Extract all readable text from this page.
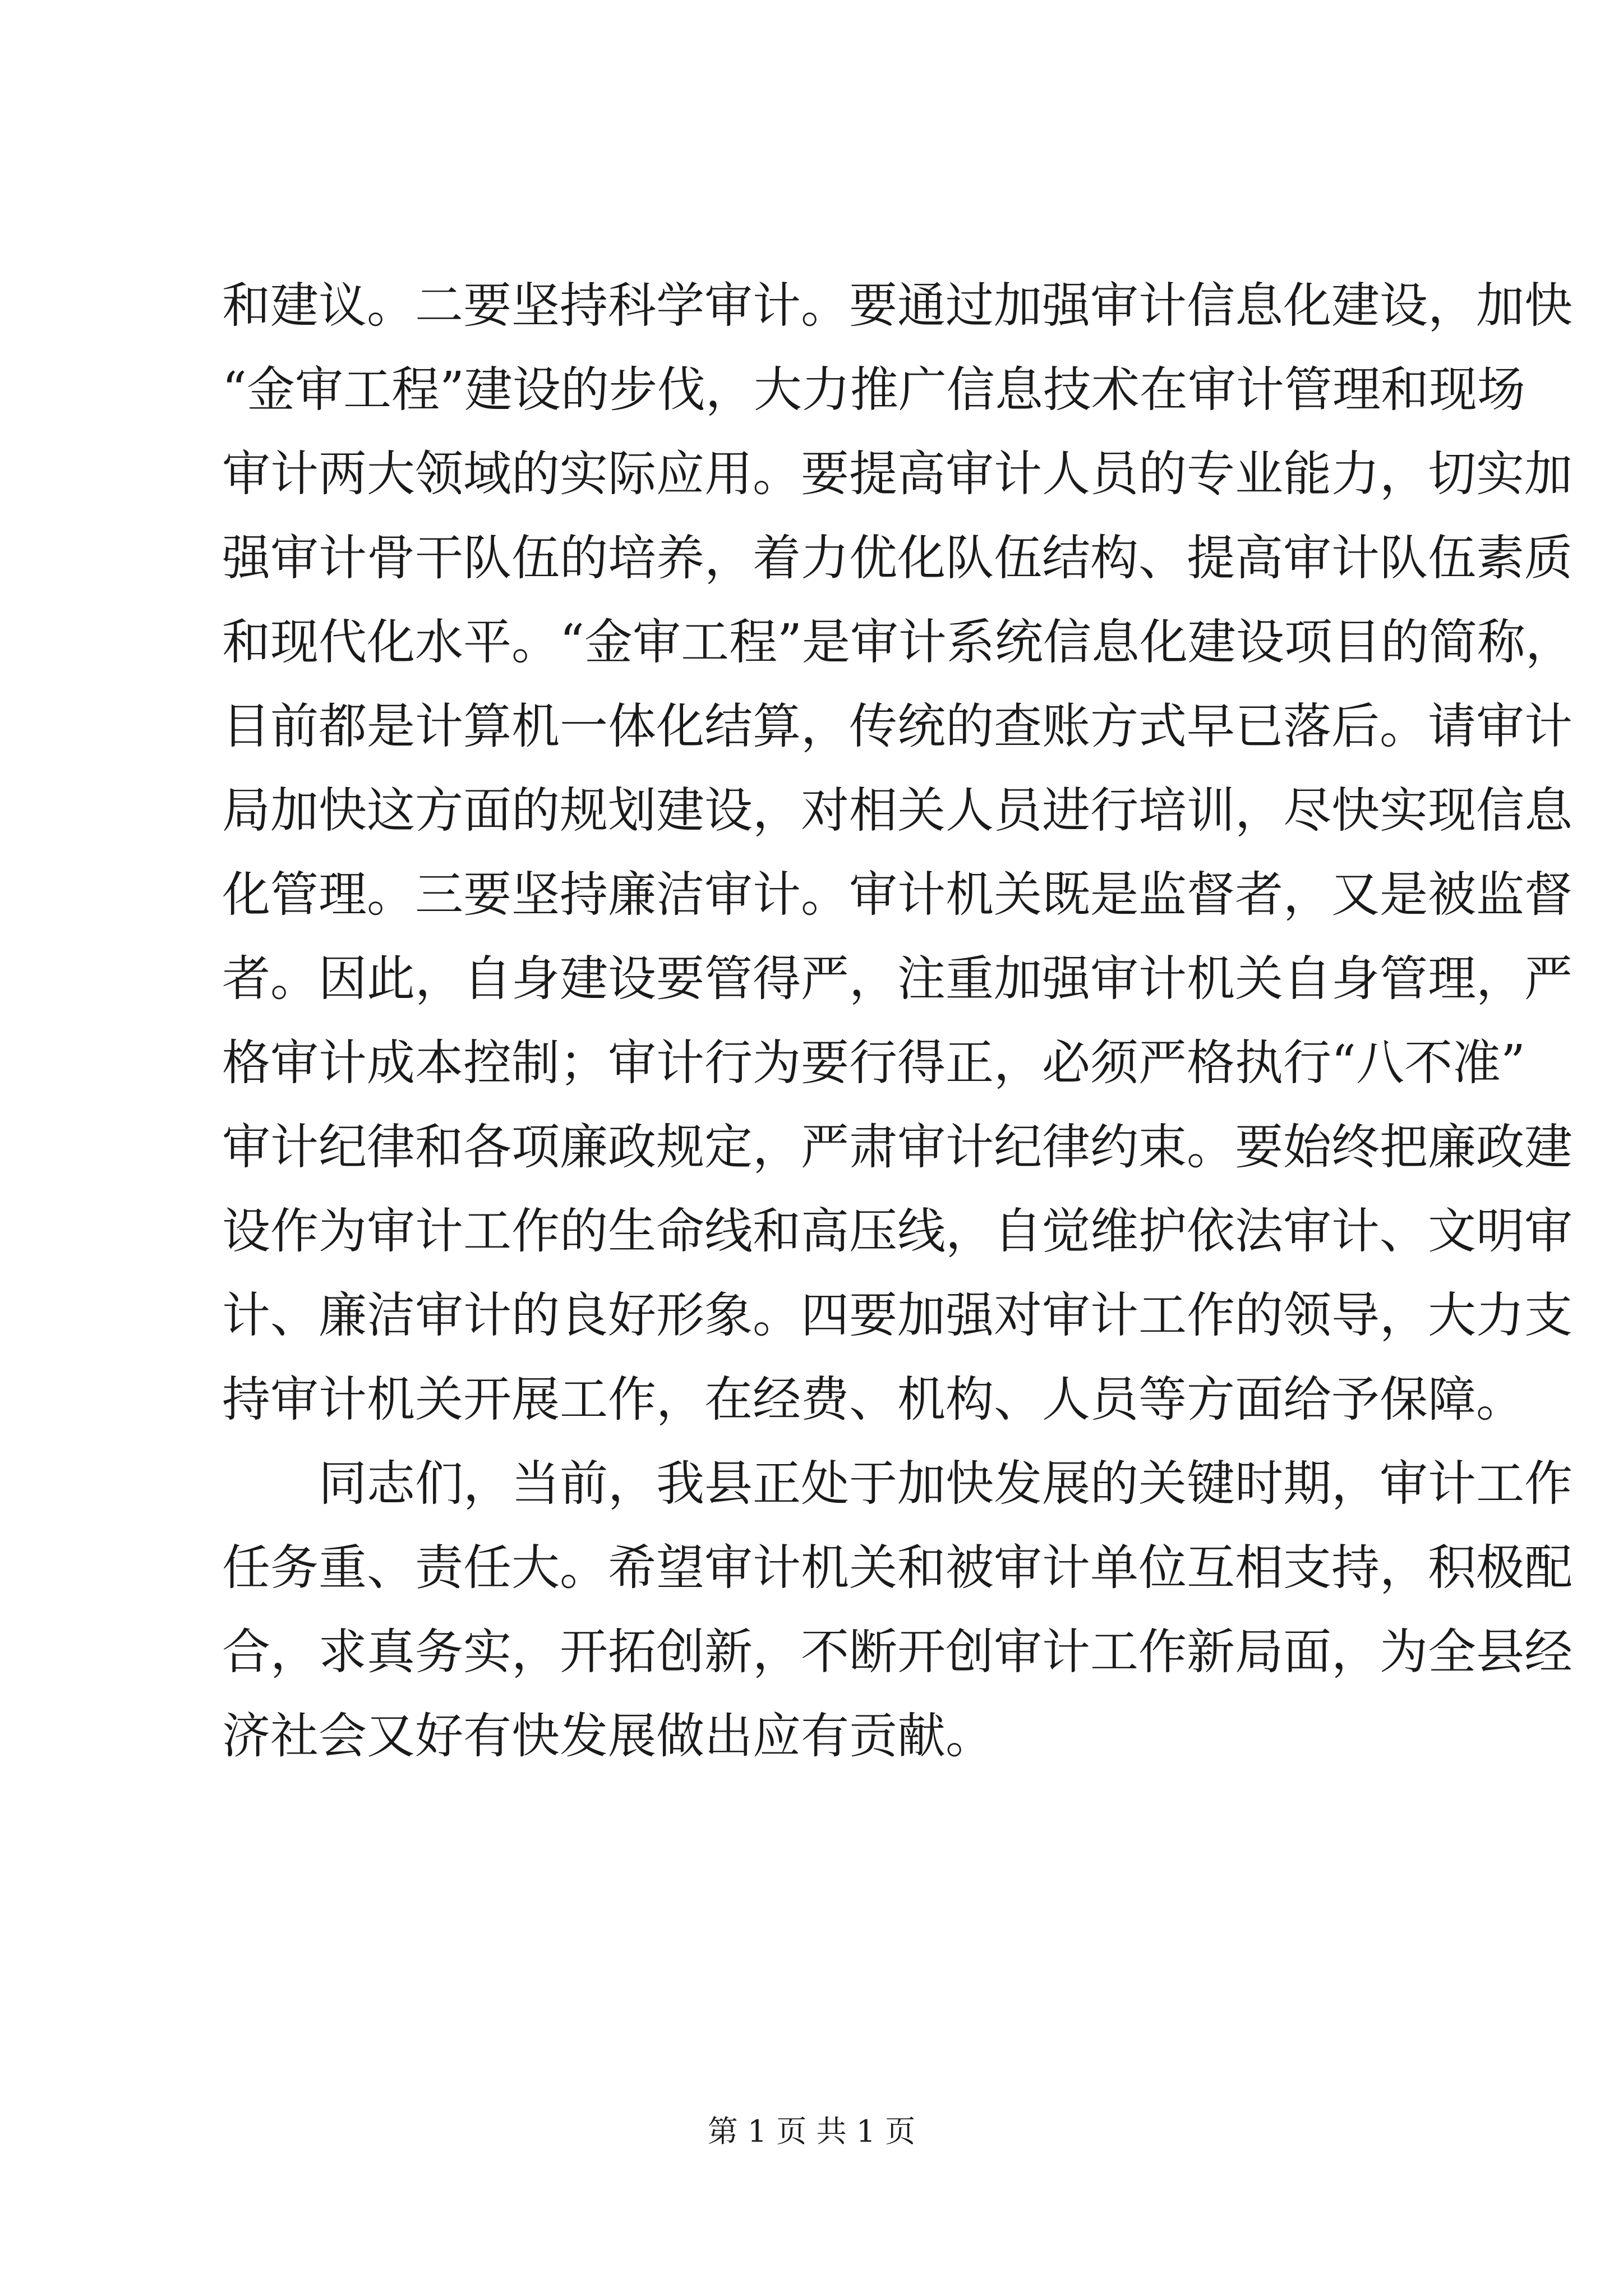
和建议。二要坚持科学审计。要通过加强审计信息化建设，加快
“金审工程”建设的步伐，大力推广信息技术在审计管理和现场
审计两大领域的实际应用。要提高审计人员的专业能力，切实加
强审计骨干队伍的培养，着力优化队伍结构、提高审计队伍素质
和现代化水平。“金审工程”是审计系统信息化建设项目的简称，
目前都是计算机一体化结算，传统的查账方式早已落后。请审计
局加快这方面的规划建设，对相关人员进行培训，尽快实现信息
化管理。三要坚持廉洁审计。审计机关既是监督者，又是被监督
者。因此，自身建设要管得严，注重加强审计机关自身管理，严
格审计成本控制；审计行为要行得正，必须严格执行“八不准”
审计纪律和各项廉政规定，严肃审计纪律约束。要始终把廉政建
设作为审计工作的生命线和高压线，自觉维护依法审计、文明审
计、廉洁审计的良好形象。四要加强对审计工作的领导，大力支
持审计机关开展工作，在经费、机构、人员等方面给予保障。
同志们，当前，我县正处于加快发展的关键时期，审计工作
任务重、责任大。希望审计机关和被审计单位互相支持，积极配
合，求真务实，开拓创新，不断开创审计工作新局面，为全县经
济社会又好有快发展做出应有贡献。
第 1 页 共 1 页
